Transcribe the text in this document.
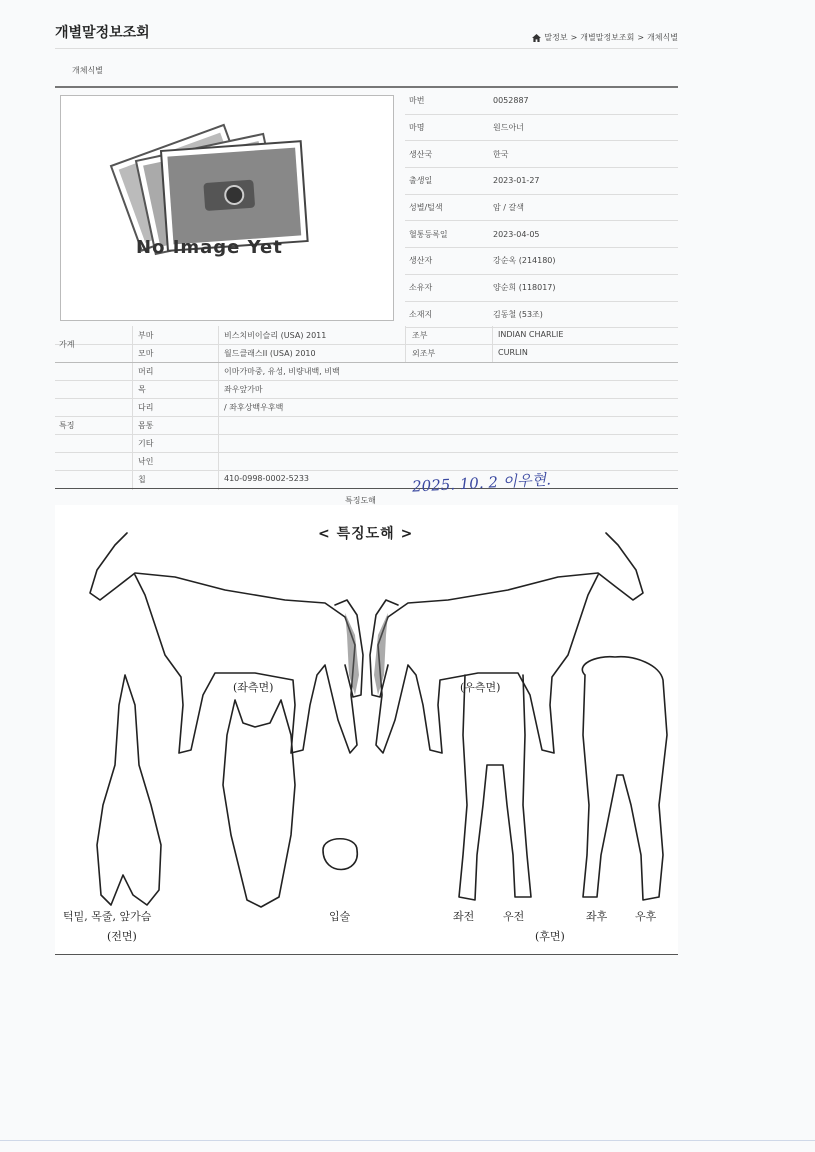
개별말정보조회	말정보 > 개별말정보조회 > 개체식별
개체식별
No Image Yet
마번	0052887
마명	원드아너
생산국	한국
출생일	2023-01-27
성별/털색	암 / 갈색
혈통등록일	2023-04-05
생산자	강순옥 (214180)
소유자	양순희 (118017)
소재지	김동철 (53조)
부마	비스치비이슬리 (USA) 2011	조부	INDIAN CHARLIE
가계
모마	월드클래스II (USA) 2010	외조부	CURLIN
머리	이마가마중, 유성, 비량내백, 비백
목	좌우앞가마
다리	/ 좌후상백우후백
특징	몸통
기타
낙인
칩	410-0998-0002-5233	2025. 10. 2 이우현.
특징도해
< 특징도해 >
(좌측면)	(우측면)
턱밑, 목줄, 앞가슴
(전면)
입술	좌전	우전	좌후	우후
(후면)
